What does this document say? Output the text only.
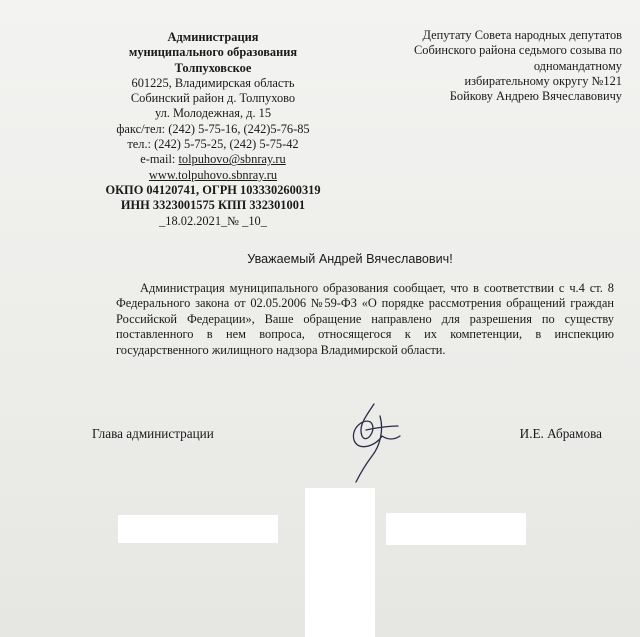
Администрация
муниципального образования
Толпуховское
601225, Владимирская область
Собинский район д. Толпухово
ул. Молодежная, д. 15
факс/тел: (242) 5-75-16, (242)5-76-85
тел.: (242) 5-75-25, (242) 5-75-42
e-mail: tolpuhovo@sbnray.ru
www.tolpuhovo.sbnray.ru
ОКПО 04120741, ОГРН 1033302600319
ИНН 3323001575 КПП 332301001
_18.02.2021_№ _10_
Депутату Совета народных депутатов
Собинского района седьмого созыва по
одномандатному
избирательному округу №121
Бойкову Андрею Вячеславовичу
Уважаемый Андрей Вячеславович!
Администрация муниципального образования сообщает, что в соответствии с ч.4 ст. 8 Федерального закона от 02.05.2006 №59-ФЗ «О порядке рассмотрения обращений граждан Российской Федерации», Ваше обращение направлено для разрешения по существу поставленного в нем вопроса, относящегося к их компетенции, в инспекцию государственного жилищного надзора Владимирской области.
Глава администрации	И.Е. Абрамова
